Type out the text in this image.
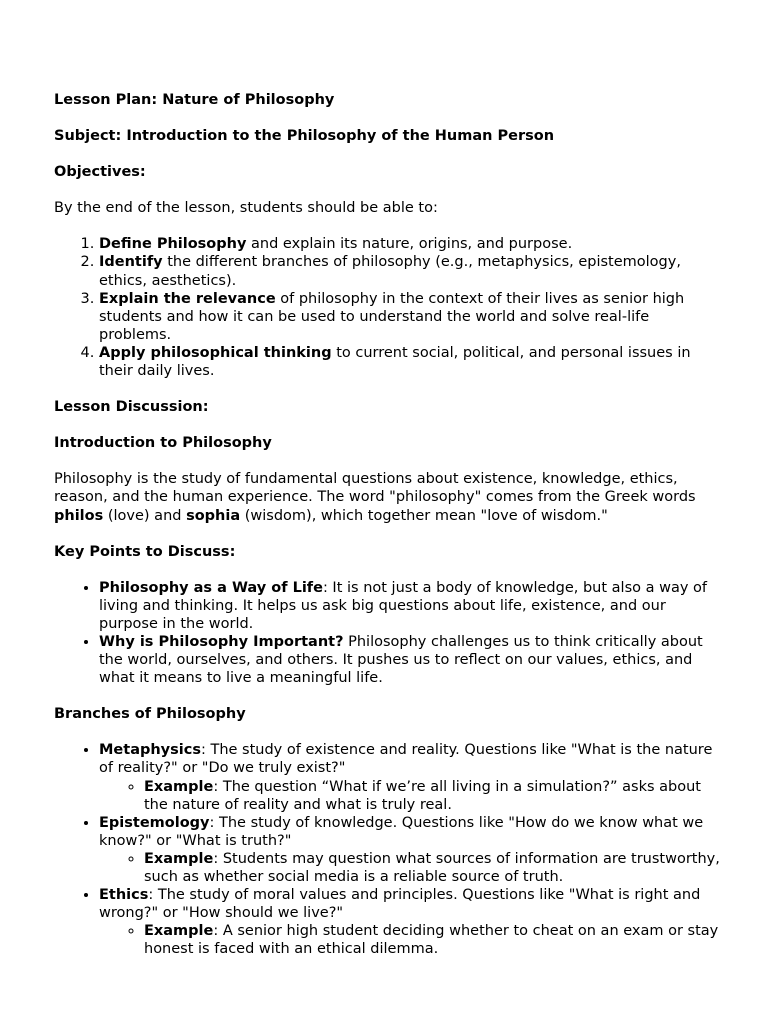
Lesson Plan: Nature of Philosophy

Subject: Introduction to the Philosophy of the Human Person

Objectives:

By the end of the lesson, students should be able to:

1. Define Philosophy and explain its nature, origins, and purpose.
2. Identify the different branches of philosophy (e.g., metaphysics, epistemology, ethics, aesthetics).
3. Explain the relevance of philosophy in the context of their lives as senior high students and how it can be used to understand the world and solve real-life problems.
4. Apply philosophical thinking to current social, political, and personal issues in their daily lives.

Lesson Discussion:

Introduction to Philosophy

Philosophy is the study of fundamental questions about existence, knowledge, ethics, reason, and the human experience. The word "philosophy" comes from the Greek words philos (love) and sophia (wisdom), which together mean "love of wisdom."

Key Points to Discuss:

• Philosophy as a Way of Life: It is not just a body of knowledge, but also a way of living and thinking. It helps us ask big questions about life, existence, and our purpose in the world.
• Why is Philosophy Important? Philosophy challenges us to think critically about the world, ourselves, and others. It pushes us to reflect on our values, ethics, and what it means to live a meaningful life.

Branches of Philosophy

• Metaphysics: The study of existence and reality. Questions like "What is the nature of reality?" or "Do we truly exist?"
◦ Example: The question “What if we’re all living in a simulation?” asks about the nature of reality and what is truly real.
• Epistemology: The study of knowledge. Questions like "How do we know what we know?" or "What is truth?"
◦ Example: Students may question what sources of information are trustworthy, such as whether social media is a reliable source of truth.
• Ethics: The study of moral values and principles. Questions like "What is right and wrong?" or "How should we live?"
◦ Example: A senior high student deciding whether to cheat on an exam or stay honest is faced with an ethical dilemma.
